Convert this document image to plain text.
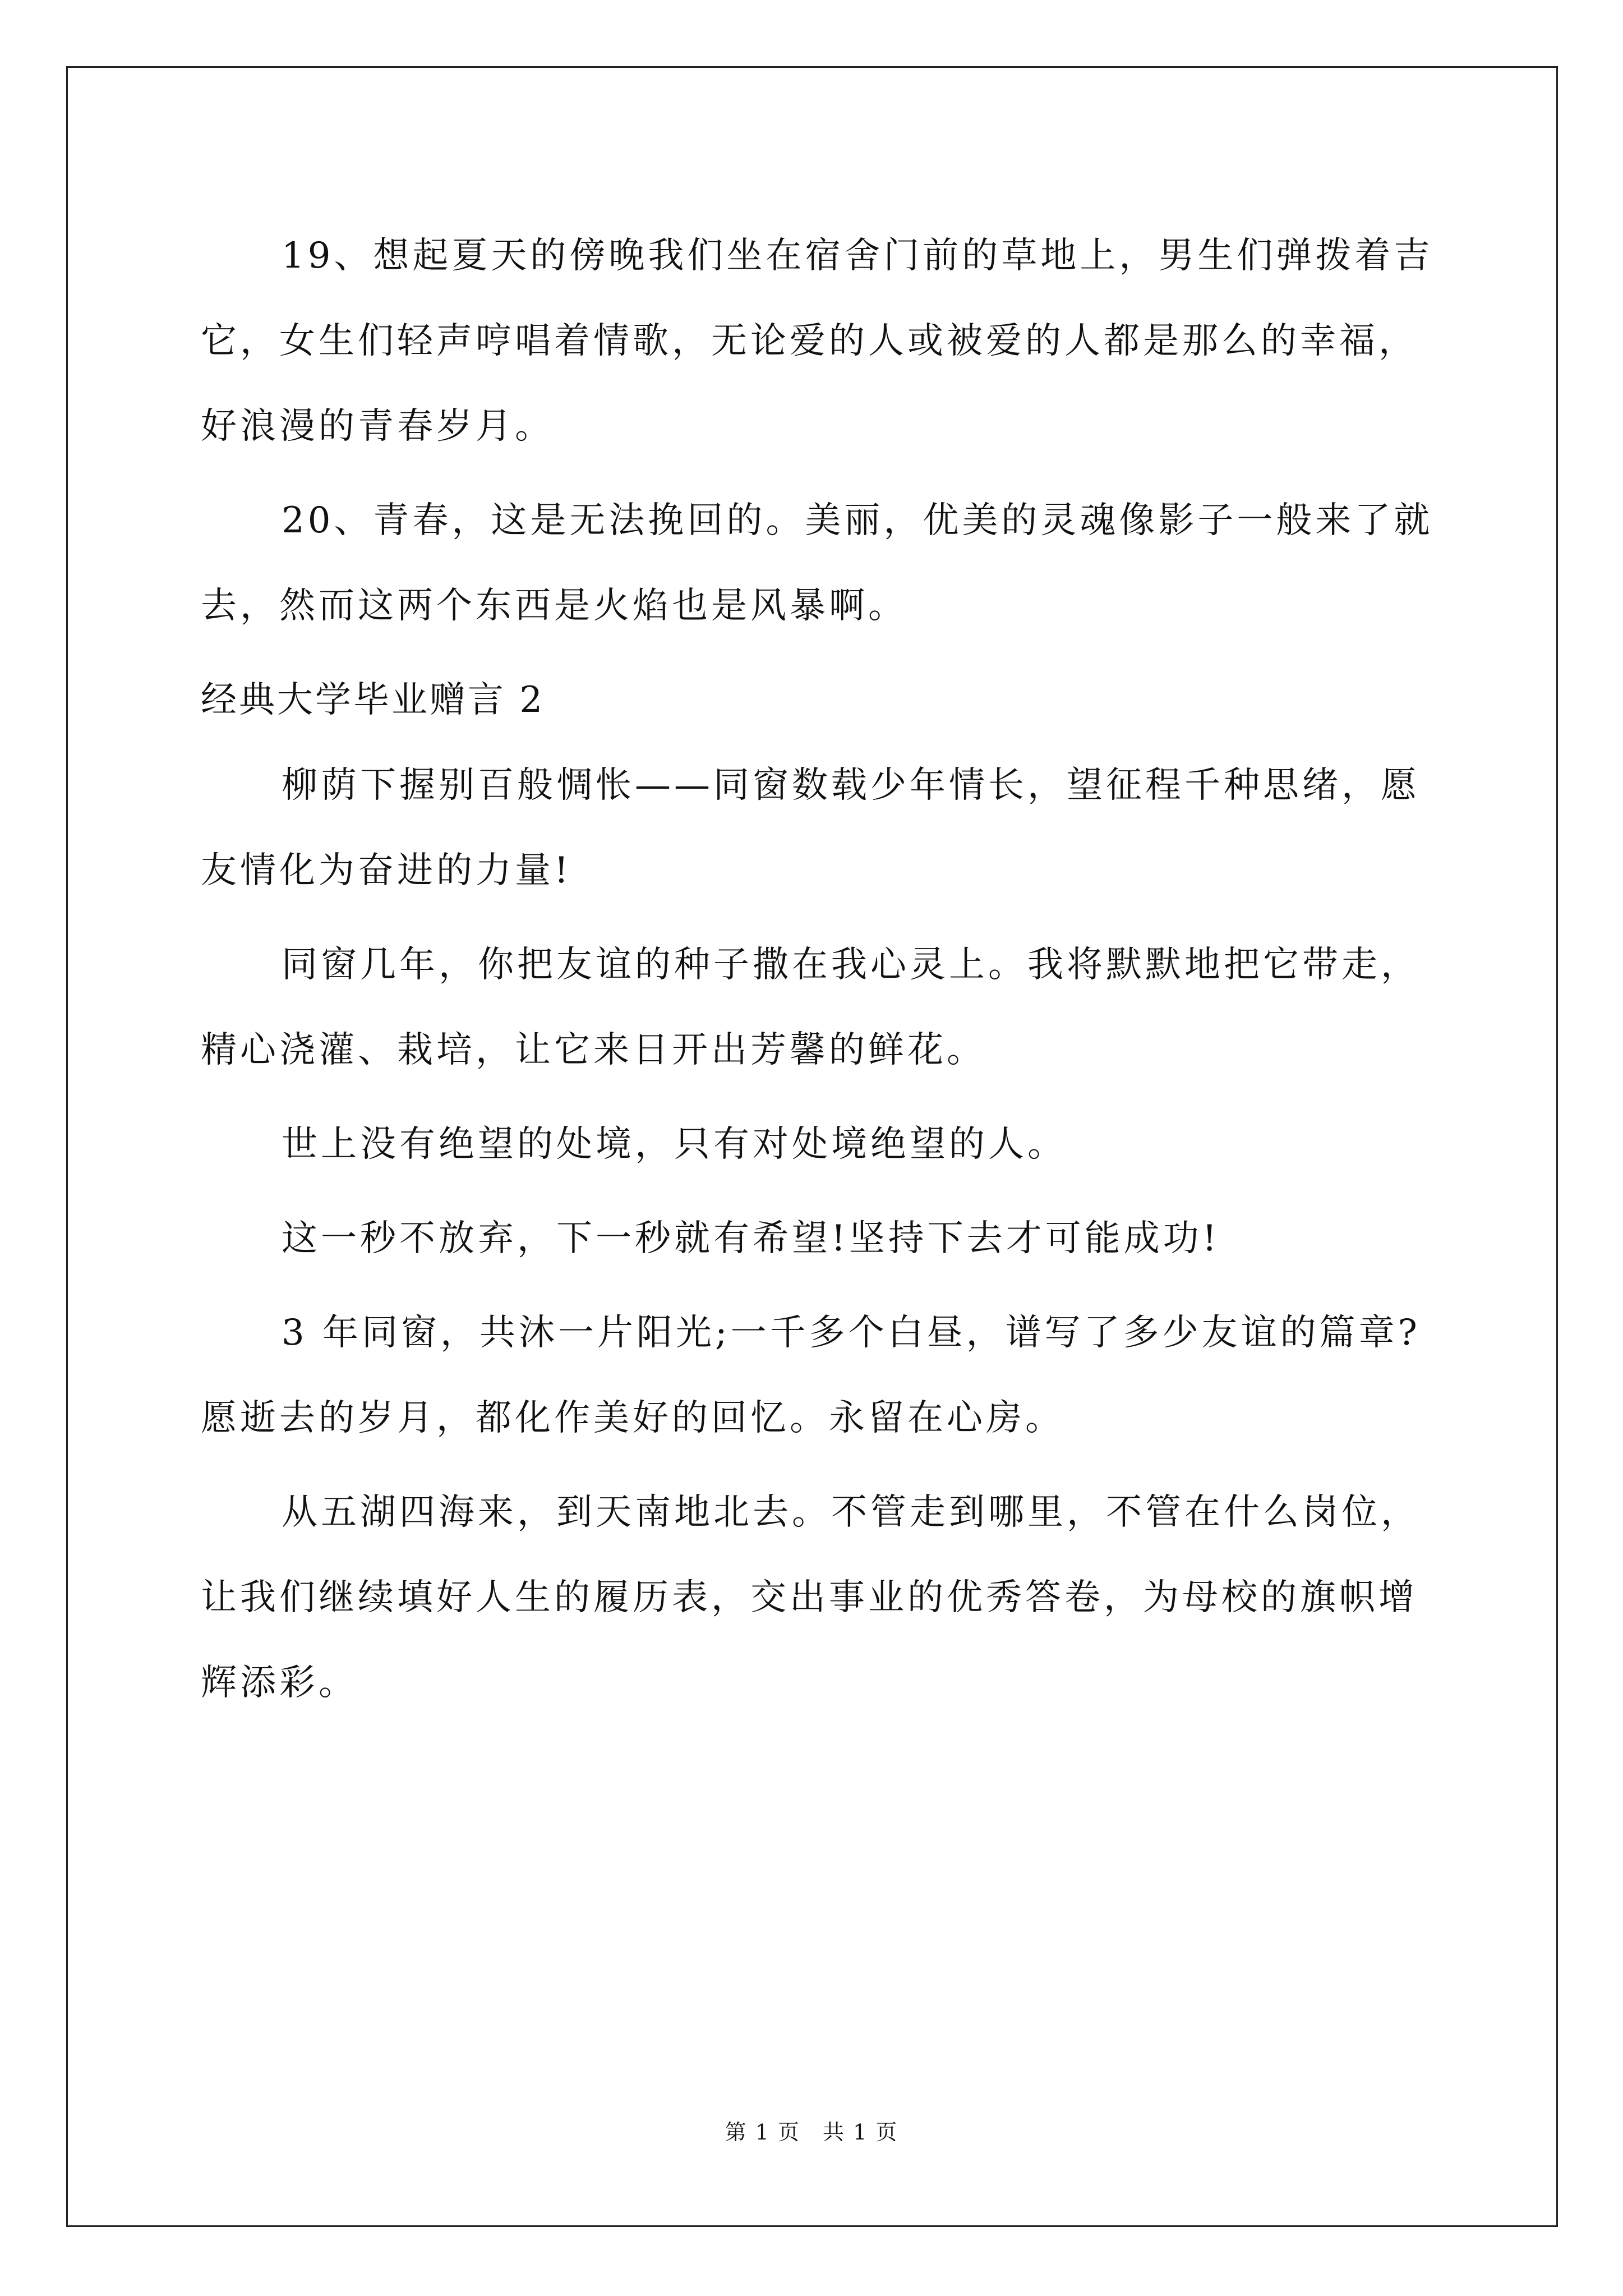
19、想起夏天的傍晚我们坐在宿舍门前的草地上，男生们弹拨着吉它，女生们轻声哼唱着情歌，无论爱的人或被爱的人都是那么的幸福，好浪漫的青春岁月。

20、青春，这是无法挽回的。美丽，优美的灵魂像影子一般来了就去，然而这两个东西是火焰也是风暴啊。

经典大学毕业赠言 2

柳荫下握别百般惆怅——同窗数载少年情长，望征程千种思绪，愿友情化为奋进的力量!

同窗几年，你把友谊的种子撒在我心灵上。我将默默地把它带走，精心浇灌、栽培，让它来日开出芳馨的鲜花。

世上没有绝望的处境，只有对处境绝望的人。

这一秒不放弃，下一秒就有希望!坚持下去才可能成功!

3 年同窗，共沐一片阳光;一千多个白昼，谱写了多少友谊的篇章?愿逝去的岁月，都化作美好的回忆。永留在心房。

从五湖四海来，到天南地北去。不管走到哪里，不管在什么岗位，让我们继续填好人生的履历表，交出事业的优秀答卷，为母校的旗帜增辉添彩。

第 1 页　共 1 页
